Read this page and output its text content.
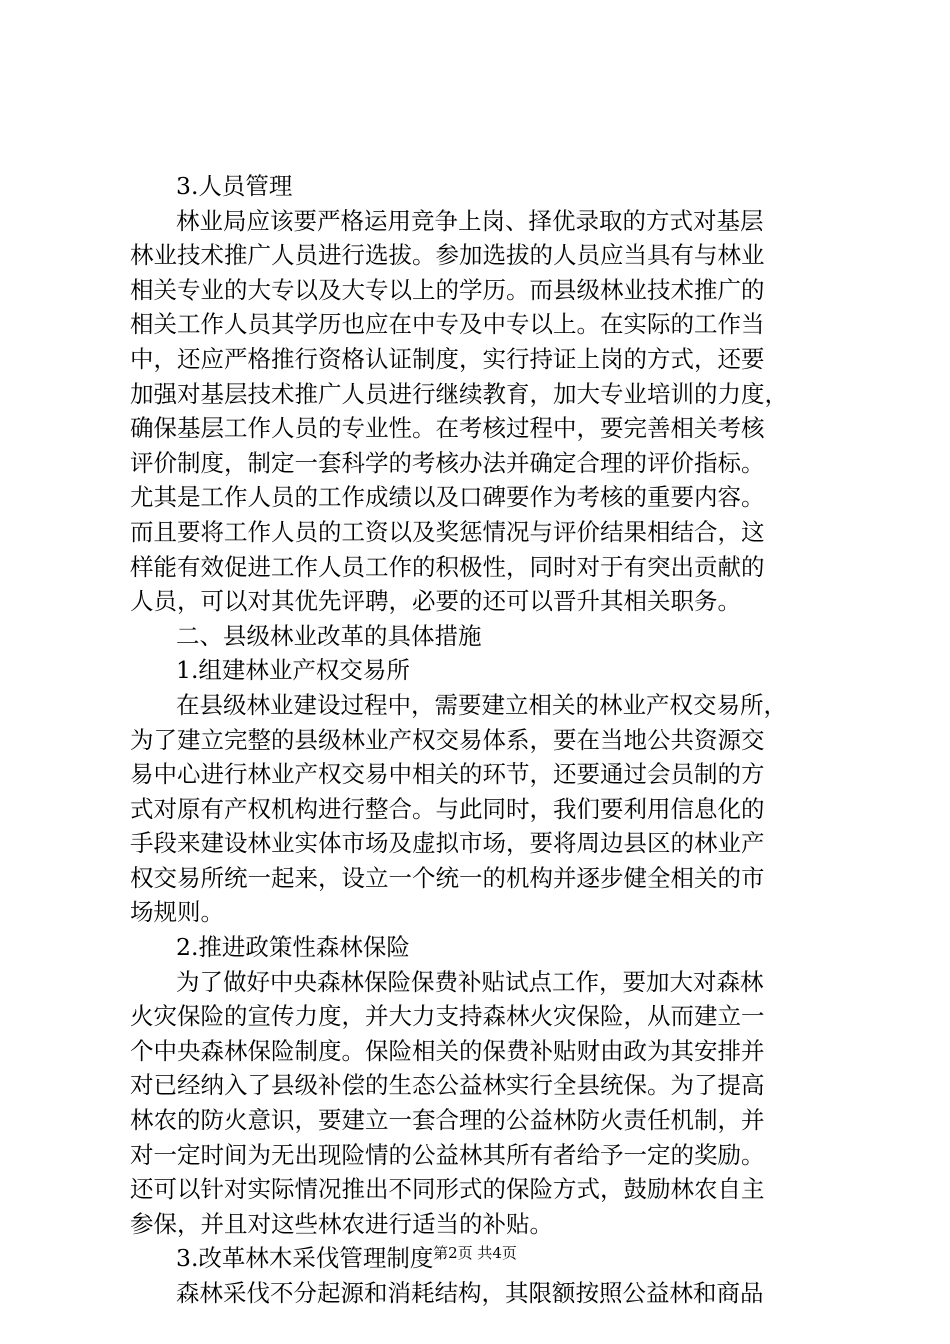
3.人员管理
林业局应该要严格运用竞争上岗、择优录取的方式对基层
林业技术推广人员进行选拔。参加选拔的人员应当具有与林业
相关专业的大专以及大专以上的学历。而县级林业技术推广的
相关工作人员其学历也应在中专及中专以上。在实际的工作当
中，还应严格推行资格认证制度，实行持证上岗的方式，还要
加强对基层技术推广人员进行继续教育，加大专业培训的力度，
确保基层工作人员的专业性。在考核过程中，要完善相关考核
评价制度，制定一套科学的考核办法并确定合理的评价指标。
尤其是工作人员的工作成绩以及口碑要作为考核的重要内容。
而且要将工作人员的工资以及奖惩情况与评价结果相结合，这
样能有效促进工作人员工作的积极性，同时对于有突出贡献的
人员，可以对其优先评聘，必要的还可以晋升其相关职务。
二、县级林业改革的具体措施
1.组建林业产权交易所
在县级林业建设过程中，需要建立相关的林业产权交易所，
为了建立完整的县级林业产权交易体系，要在当地公共资源交
易中心进行林业产权交易中相关的环节，还要通过会员制的方
式对原有产权机构进行整合。与此同时，我们要利用信息化的
手段来建设林业实体市场及虚拟市场，要将周边县区的林业产
权交易所统一起来，设立一个统一的机构并逐步健全相关的市
场规则。
2.推进政策性森林保险
为了做好中央森林保险保费补贴试点工作，要加大对森林
火灾保险的宣传力度，并大力支持森林火灾保险，从而建立一
个中央森林保险制度。保险相关的保费补贴财由政为其安排并
对已经纳入了县级补偿的生态公益林实行全县统保。为了提高
林农的防火意识，要建立一套合理的公益林防火责任机制，并
对一定时间为无出现险情的公益林其所有者给予一定的奖励。
还可以针对实际情况推出不同形式的保险方式，鼓励林农自主
参保，并且对这些林农进行适当的补贴。
3.改革林木采伐管理制度
森林采伐不分起源和消耗结构，其限额按照公益林和商品
第2页 共4页
